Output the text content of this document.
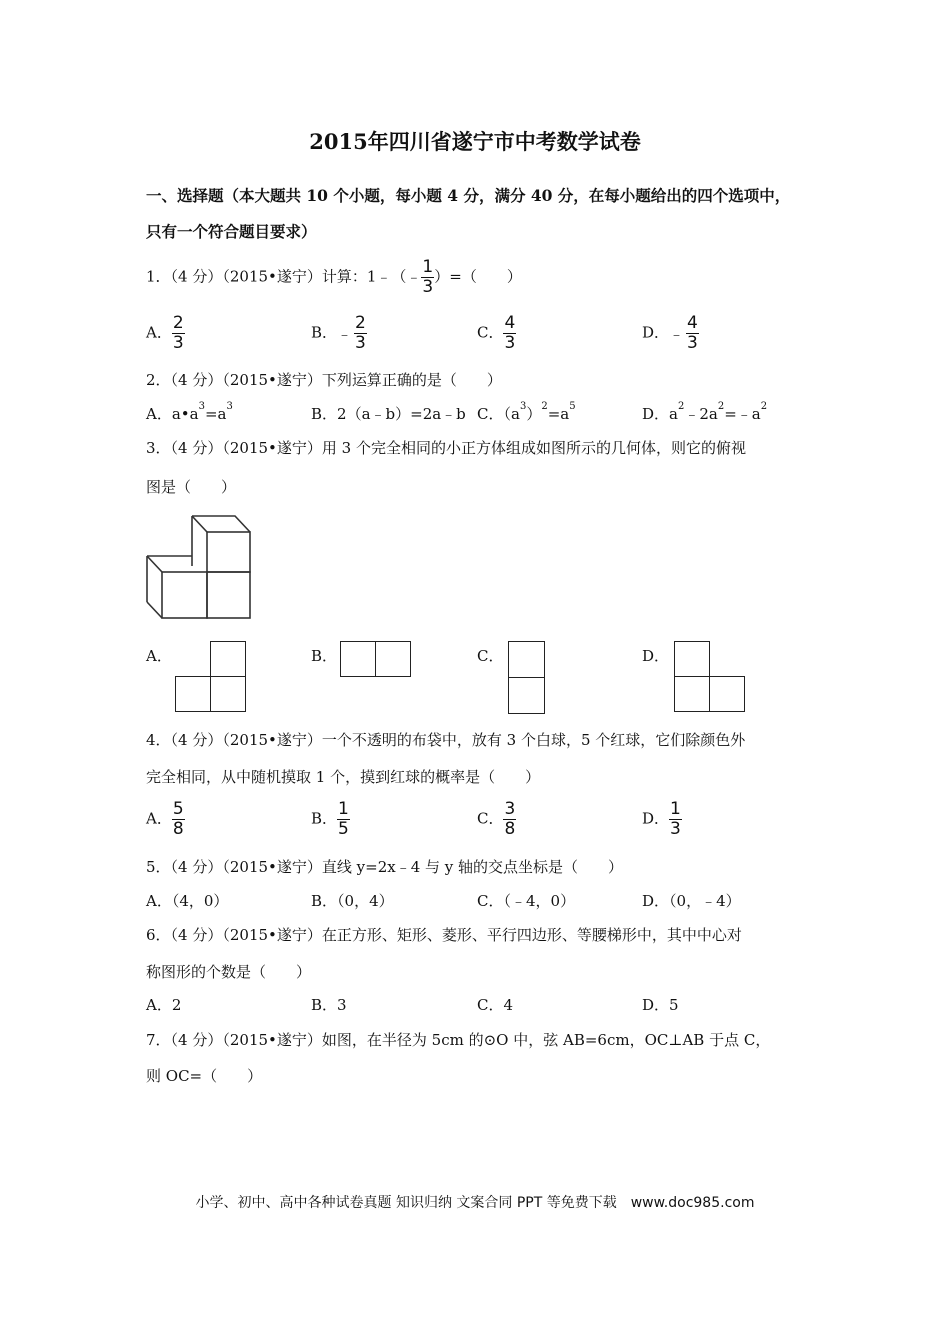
2015年四川省遂宁市中考数学试卷
一、选择题（本大题共 10 个小题，每小题 4 分，满分 40 分，在每小题给出的四个选项中，
只有一个符合题目要求）
1．（4 分）（2015•遂宁）计算：1﹣（﹣ $\frac{1}{3}$ ）=（　　）
A． $\frac{2}{3}$	B．﹣ $\frac{2}{3}$	C． $\frac{4}{3}$	D．﹣ $\frac{4}{3}$
2．（4 分）（2015•遂宁）下列运算正确的是（　　）
A．$a•a^3=a^3$	B．2（a﹣b）=2a﹣b C．$(a^3)^2=a^5$	D．$a^2﹣2a^2=﹣a^2$
3．（4 分）（2015•遂宁）用 3 个完全相同的小正方体组成如图所示的几何体，则它的俯视
图是（　　）
A．	B．	C．	D．
4．（4 分）（2015•遂宁）一个不透明的布袋中，放有 3 个白球，5 个红球，它们除颜色外
完全相同，从中随机摸取 1 个，摸到红球的概率是（　　）
A． $\frac{5}{8}$	B． $\frac{1}{5}$	C． $\frac{3}{8}$	D． $\frac{1}{3}$
5．（4 分）（2015•遂宁）直线 y=2x﹣4 与 y 轴的交点坐标是（　　）
A．（4，0）	B．（0，4）	C．（﹣4，0）	D．（0，﹣4）
6．（4 分）（2015•遂宁）在正方形、矩形、菱形、平行四边形、等腰梯形中，其中中心对
称图形的个数是（　　）
A．2	B．3	C．4	D．5
7．（4 分）（2015•遂宁）如图，在半径为 5cm 的⊙O 中，弦 AB=6cm，OC⊥AB 于点 C，
则 OC=（　　）
小学、初中、高中各种试卷真题 知识归纳 文案合同 PPT 等免费下载　www.doc985.com
